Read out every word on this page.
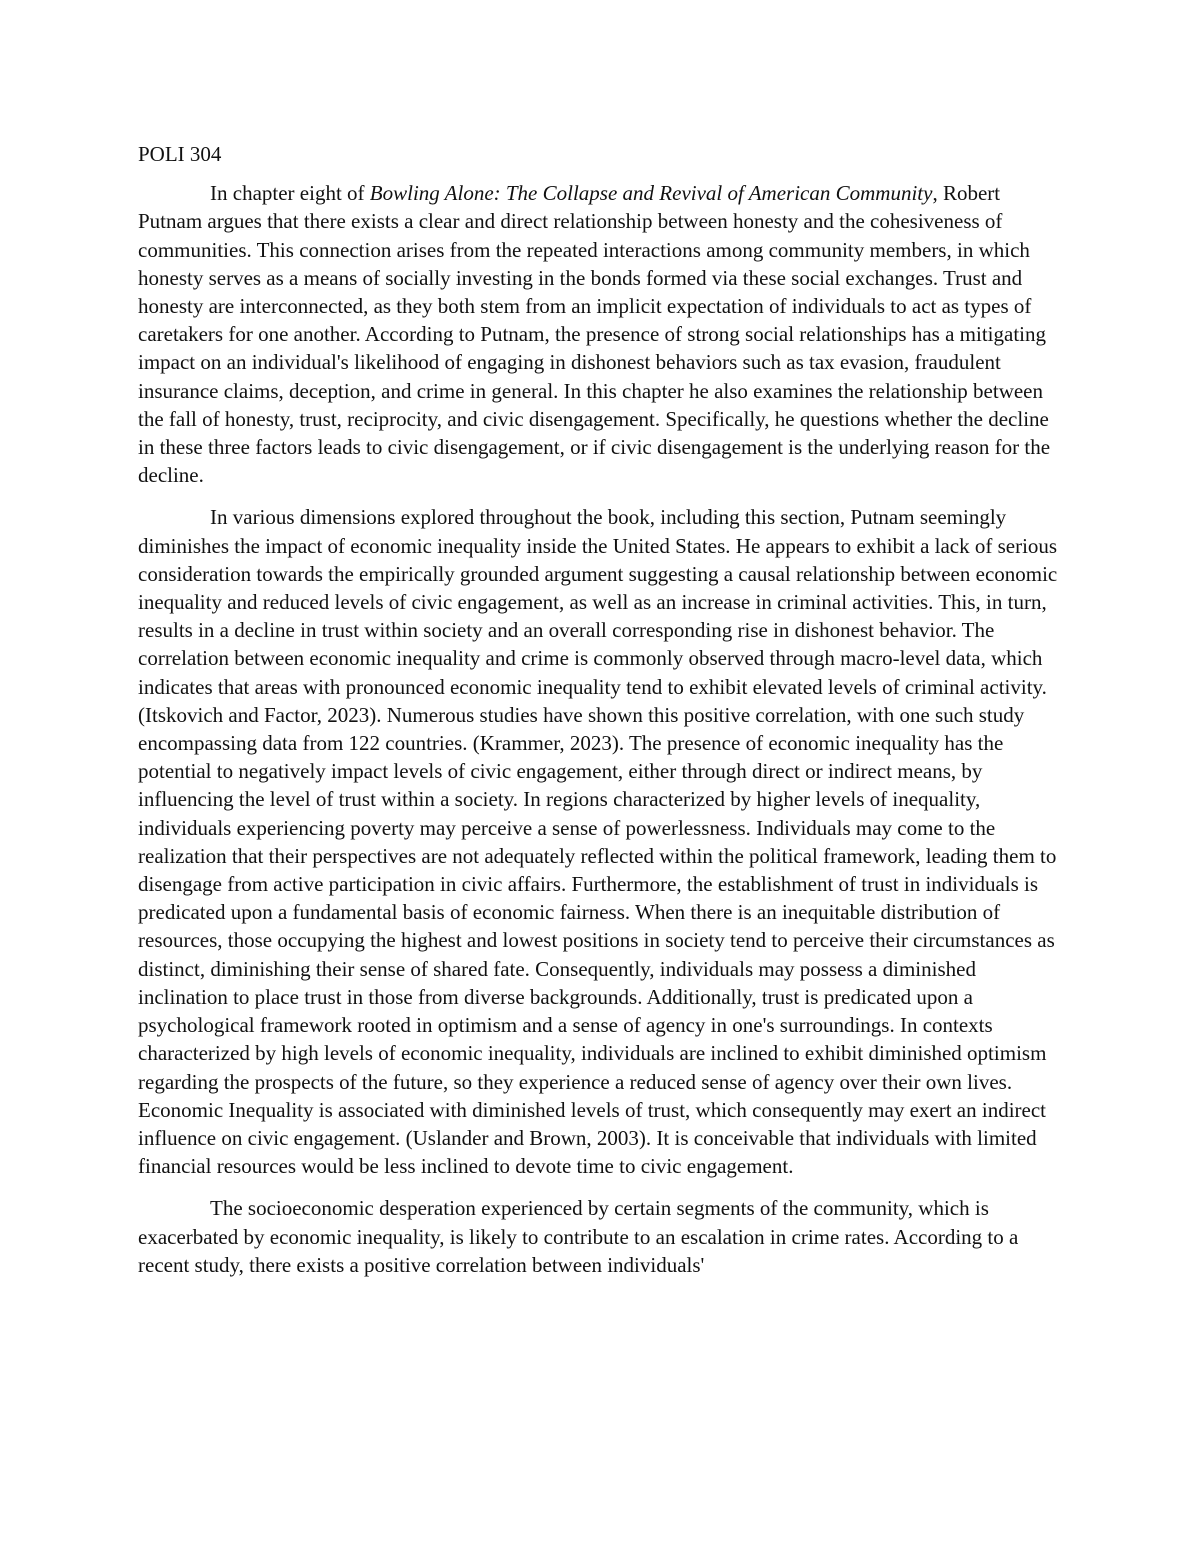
POLI 304

In chapter eight of Bowling Alone: The Collapse and Revival of American Community, Robert Putnam argues that there exists a clear and direct relationship between honesty and the cohesiveness of communities. This connection arises from the repeated interactions among community members, in which honesty serves as a means of socially investing in the bonds formed via these social exchanges. Trust and honesty are interconnected, as they both stem from an implicit expectation of individuals to act as types of caretakers for one another. According to Putnam, the presence of strong social relationships has a mitigating impact on an individual's likelihood of engaging in dishonest behaviors such as tax evasion, fraudulent insurance claims, deception, and crime in general. In this chapter he also examines the relationship between the fall of honesty, trust, reciprocity, and civic disengagement. Specifically, he questions whether the decline in these three factors leads to civic disengagement, or if civic disengagement is the underlying reason for the decline.

In various dimensions explored throughout the book, including this section, Putnam seemingly diminishes the impact of economic inequality inside the United States. He appears to exhibit a lack of serious consideration towards the empirically grounded argument suggesting a causal relationship between economic inequality and reduced levels of civic engagement, as well as an increase in criminal activities. This, in turn, results in a decline in trust within society and an overall corresponding rise in dishonest behavior. The correlation between economic inequality and crime is commonly observed through macro-level data, which indicates that areas with pronounced economic inequality tend to exhibit elevated levels of criminal activity. (Itskovich and Factor, 2023). Numerous studies have shown this positive correlation, with one such study encompassing data from 122 countries. (Krammer, 2023). The presence of economic inequality has the potential to negatively impact levels of civic engagement, either through direct or indirect means, by influencing the level of trust within a society. In regions characterized by higher levels of inequality, individuals experiencing poverty may perceive a sense of powerlessness. Individuals may come to the realization that their perspectives are not adequately reflected within the political framework, leading them to disengage from active participation in civic affairs. Furthermore, the establishment of trust in individuals is predicated upon a fundamental basis of economic fairness. When there is an inequitable distribution of resources, those occupying the highest and lowest positions in society tend to perceive their circumstances as distinct, diminishing their sense of shared fate. Consequently, individuals may possess a diminished inclination to place trust in those from diverse backgrounds. Additionally, trust is predicated upon a psychological framework rooted in optimism and a sense of agency in one's surroundings. In contexts characterized by high levels of economic inequality, individuals are inclined to exhibit diminished optimism regarding the prospects of the future, so they experience a reduced sense of agency over their own lives. Economic Inequality is associated with diminished levels of trust, which consequently may exert an indirect influence on civic engagement. (Uslander and Brown, 2003). It is conceivable that individuals with limited financial resources would be less inclined to devote time to civic engagement.

The socioeconomic desperation experienced by certain segments of the community, which is exacerbated by economic inequality, is likely to contribute to an escalation in crime rates. According to a recent study, there exists a positive correlation between individuals'
